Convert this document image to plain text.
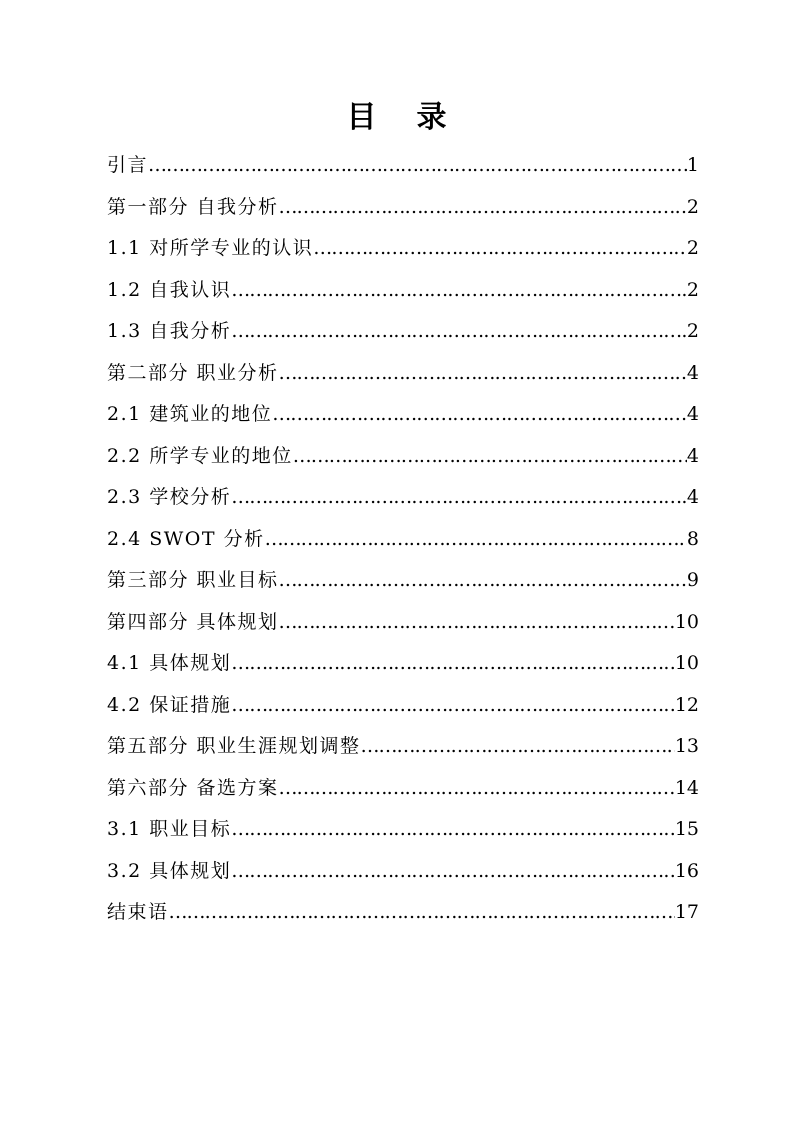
目 录
引言 …………………………………………………………………………………………………………………………………………	1
第一部分 自我分析 …………………………………………………………………………………………………………………………………………	2
1.1 对所学专业的认识 …………………………………………………………………………………………………………………………………………	2
1.2 自我认识 …………………………………………………………………………………………………………………………………………	2
1.3 自我分析 …………………………………………………………………………………………………………………………………………	2
第二部分 职业分析 …………………………………………………………………………………………………………………………………………	4
2.1 建筑业的地位 …………………………………………………………………………………………………………………………………………	4
2.2 所学专业的地位 …………………………………………………………………………………………………………………………………………	4
2.3 学校分析 …………………………………………………………………………………………………………………………………………	4
2.4 SWOT 分析 …………………………………………………………………………………………………………………………………………	8
第三部分 职业目标 …………………………………………………………………………………………………………………………………………	9
第四部分 具体规划 …………………………………………………………………………………………………………………………………………	10
4.1 具体规划 …………………………………………………………………………………………………………………………………………	10
4.2 保证措施 …………………………………………………………………………………………………………………………………………	12
第五部分 职业生涯规划调整 …………………………………………………………………………………………………………………………………………	13
第六部分 备选方案 …………………………………………………………………………………………………………………………………………	14
3.1 职业目标 …………………………………………………………………………………………………………………………………………	15
3.2 具体规划 …………………………………………………………………………………………………………………………………………	16
结束语 …………………………………………………………………………………………………………………………………………	17
